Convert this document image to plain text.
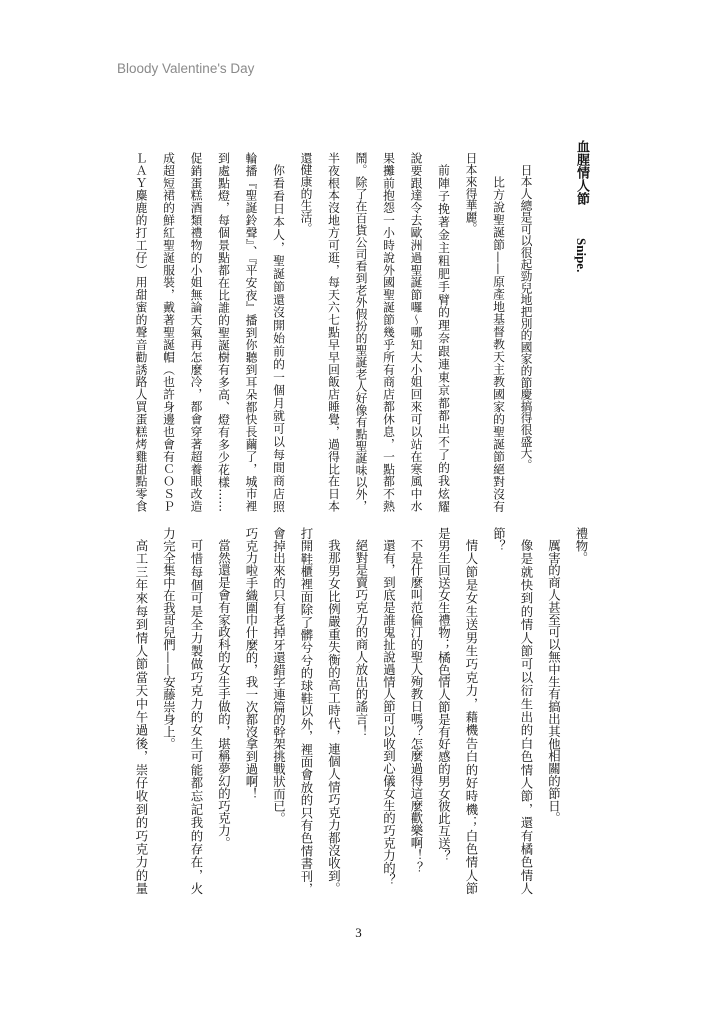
Bloody Valentine's Day
血腥情人節
Snipe.
日本人總是可以很起勁兒地把別的國家的節慶搞得很盛大。
比方說聖誕節——原產地基督教天主教國家的聖誕節絕對沒有
日本來得華麗。
前陣子挽著金主粗肥手臂的理奈跟連東京都都出不了的我炫耀
說要跟達令去歐洲過聖誕節囉～哪知大小姐回來可以站在寒風中水
果攤前抱怨一小時說外國聖誕節幾乎所有商店都休息，一點都不熱
鬧。除了在百貨公司看到老外假扮的聖誕老人好像有點聖誕味以外，
半夜根本沒地方可逛，每天六七點早早回飯店睡覺，過得比在日本
還健康的生活。
你看看日本人，聖誕節還沒開始前的一個月就可以每間商店照
輪播『聖誕鈴聲』、『平安夜』播到你聽到耳朵都快長繭了，城市裡
到處點燈，每個景點都在比誰的聖誕樹有多高、燈有多少花樣……
促銷蛋糕酒類禮物的小姐無論天氣再怎麼冷，都會穿著超養眼改造
成超短裙的鮮紅聖誕服裝，戴著聖誕帽（也許身邊也會有ＣＯＳＰ
ＬＡＹ麋鹿的打工仔）用甜蜜的聲音勸誘路人買蛋糕烤雞甜點零食
禮物。
厲害的商人甚至可以無中生有搞出其他相關的節日。
像是就快到的情人節可以衍生出的白色情人節，還有橘色情人
節？
情人節是女生送男生巧克力，藉機告白的好時機；白色情人節
是男生回送女生禮物；橘色情人節是有好感的男女彼此互送？
不是什麼叫范倫汀的聖人殉教日嗎？怎麼過得這麼歡樂啊！？
還有，到底是誰鬼扯說過情人節可以收到心儀女生的巧克力的？
絕對是賣巧克力的商人放出的謠言！
我那男女比例嚴重失衡的高工時代，連個人情巧克力都沒收到。
打開鞋櫃裡面除了髒兮兮的球鞋以外，裡面會放的只有色情書刊，
會掉出來的只有老掉牙還錯字連篇的幹架挑戰狀而已。
巧克力啦手織圍巾什麼的，我一次都沒拿到過啊！
當然還是會有家政科的女生手做的，堪稱夢幻的巧克力。
可惜每個可是全力製做巧克力的女生可能都忘記我的存在，火
力完全集中在我哥兒們——安藤崇身上。
高工三年來每到情人節當天中午過後，崇仔收到的巧克力的量
3
